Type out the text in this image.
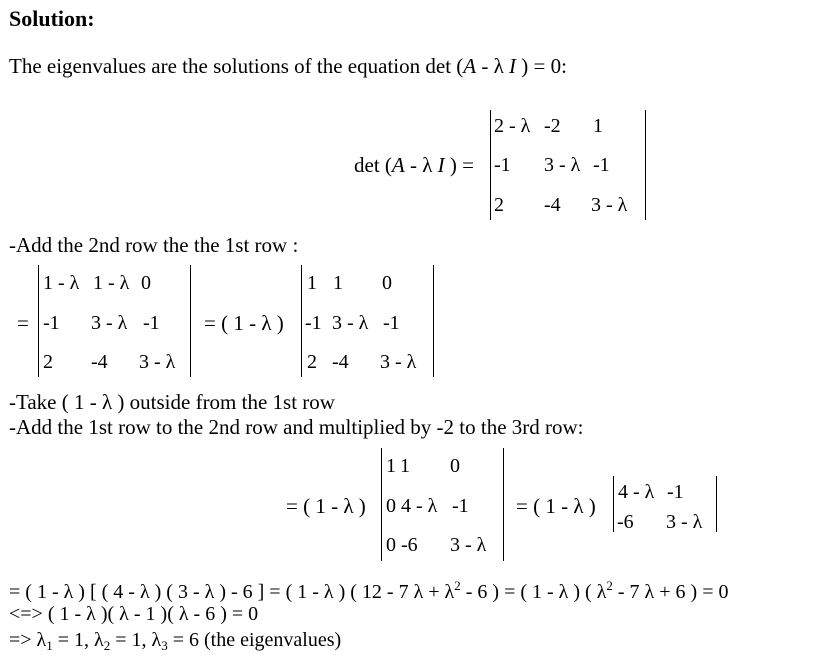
Solution:
The eigenvalues are the solutions of the equation det (A - λ I ) = 0:
det (A - λ I ) =
2 - λ -2 1
-1 3 - λ -1
2 -4 3 - λ
-Add the 2nd row the the 1st row :
=
1 - λ 1 - λ 0
-1 3 - λ -1
2 -4 3 - λ
= ( 1 - λ )
1 1 0
-1 3 - λ -1
2 -4 3 - λ
-Take ( 1 - λ ) outside from the 1st row
-Add the 1st row to the 2nd row and multiplied by -2 to the 3rd row:
= ( 1 - λ )
1 1 0
0 4 - λ -1
0 -6 3 - λ
= ( 1 - λ )
4 - λ -1
-6 3 - λ
= ( 1 - λ ) [ ( 4 - λ ) ( 3 - λ ) - 6 ] = ( 1 - λ ) ( 12 - 7 $\lambda + \lambda^2 - 6$ ) = ( 1 - λ ) ( $\lambda^2 - 7$ λ + 6 ) = 0
<=> ( 1 - λ )( λ - 1 )( λ - 6 ) = 0
=> $\lambda_1 = 1$, $\lambda_2 = 1$, $\lambda_3 = 6$ (the eigenvalues)
